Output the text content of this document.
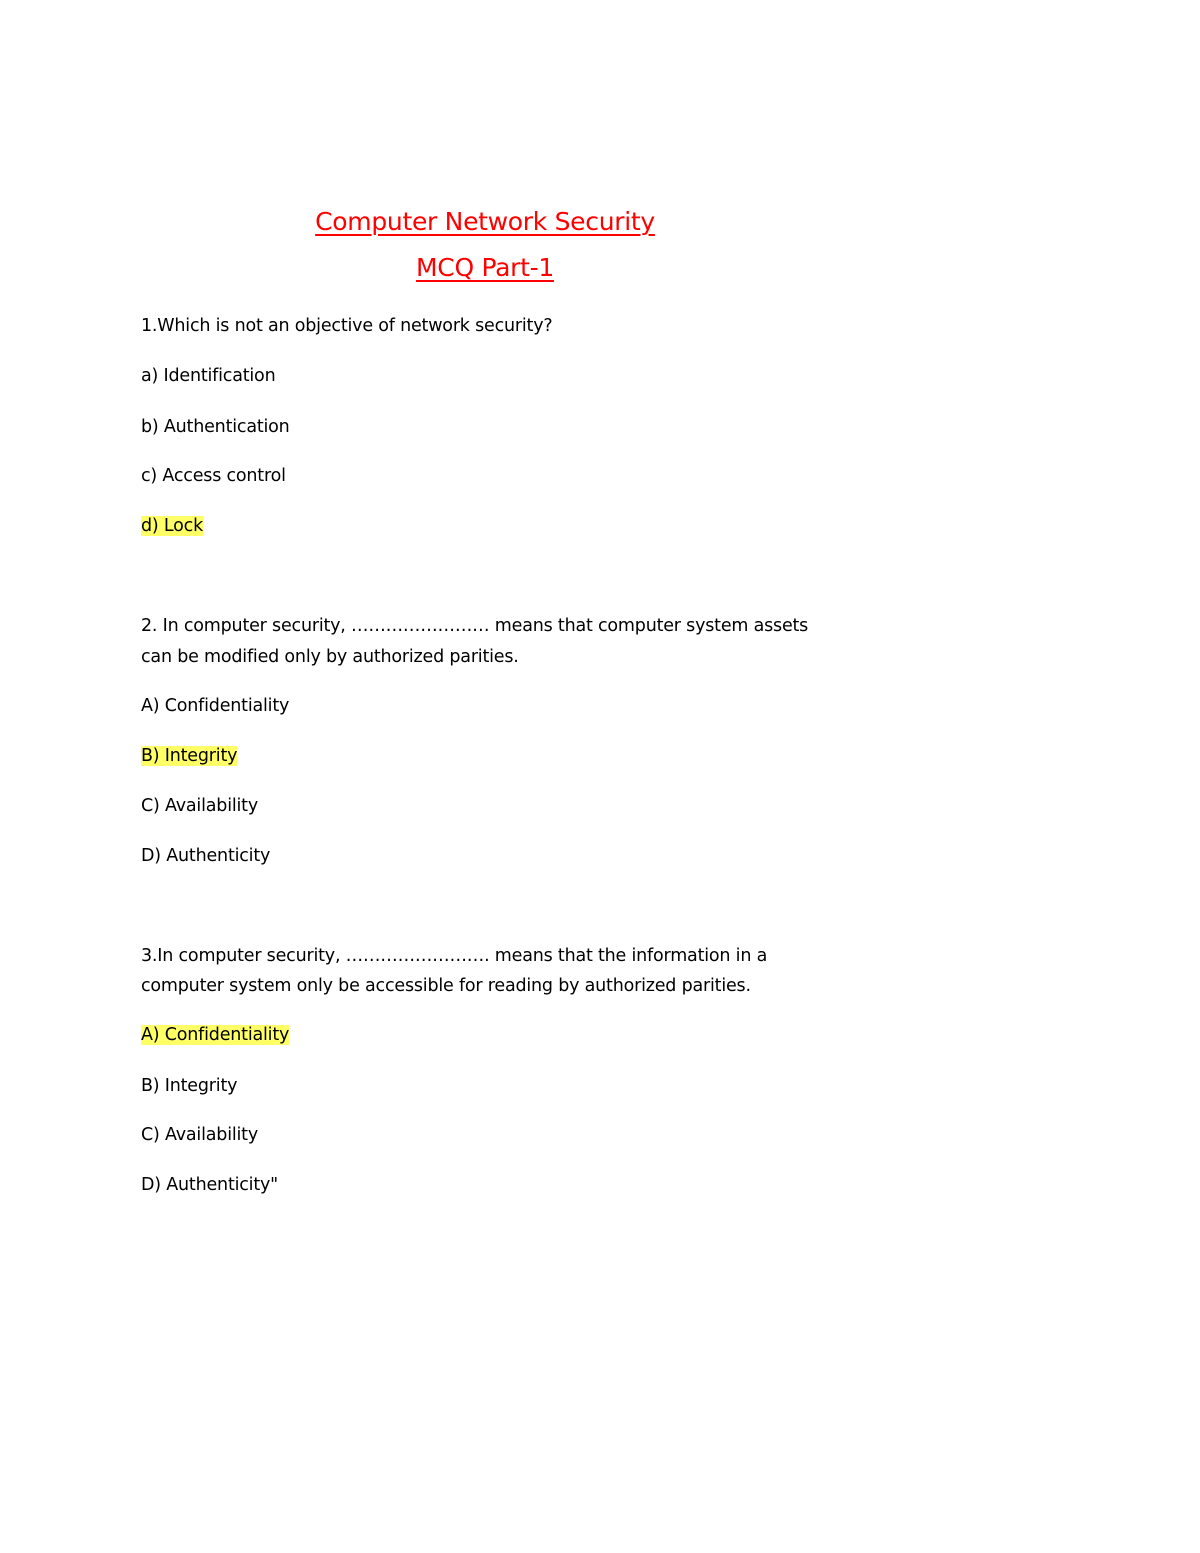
Computer Network Security
MCQ Part-1
1.Which is not an objective of network security?
a) Identification
b) Authentication
c) Access control
d) Lock
2. In computer security, …………………… means that computer system assets
can be modified only by authorized parities.
A) Confidentiality
B) Integrity
C) Availability
D) Authenticity
3.In computer security, ……………………. means that the information in a
computer system only be accessible for reading by authorized parities.
A) Confidentiality
B) Integrity
C) Availability
D) Authenticity"
